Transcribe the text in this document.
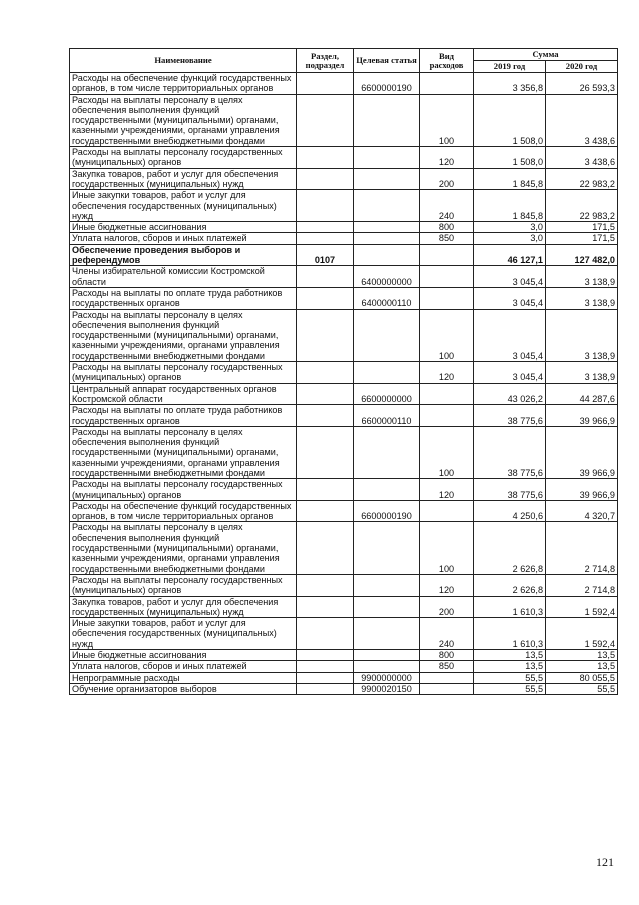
Наименование	Раздел, подраздел	Целевая статья	Вид расходов	Сумма	
				2019 год	2020 год
Расходы на обеспечение функций государственных органов, в том числе территориальных органов		6600000190		3 356,8	26 593,3
Расходы на выплаты персоналу в целях обеспечения выполнения функций государственными (муниципальными) органами, казенными учреждениями, органами управления государственными внебюджетными фондами			100	1 508,0	3 438,6
Расходы на выплаты персоналу государственных (муниципальных) органов			120	1 508,0	3 438,6
Закупка товаров, работ и услуг для обеспечения государственных (муниципальных) нужд			200	1 845,8	22 983,2
Иные закупки товаров, работ и услуг для обеспечения государственных (муниципальных) нужд			240	1 845,8	22 983,2
Иные бюджетные ассигнования			800	3,0	171,5
Уплата налогов, сборов и иных платежей			850	3,0	171,5
Обеспечение проведения выборов и референдумов	0107			46 127,1	127 482,0
Члены избирательной комиссии Костромской области		6400000000		3 045,4	3 138,9
Расходы на выплаты по оплате труда работников государственных органов		6400000110		3 045,4	3 138,9
Расходы на выплаты персоналу в целях обеспечения выполнения функций государственными (муниципальными) органами, казенными учреждениями, органами управления государственными внебюджетными фондами			100	3 045,4	3 138,9
Расходы на выплаты персоналу государственных (муниципальных) органов			120	3 045,4	3 138,9
Центральный аппарат государственных органов Костромской области		6600000000		43 026,2	44 287,6
Расходы на выплаты по оплате труда работников государственных органов		6600000110		38 775,6	39 966,9
Расходы на выплаты персоналу в целях обеспечения выполнения функций государственными (муниципальными) органами, казенными учреждениями, органами управления государственными внебюджетными фондами			100	38 775,6	39 966,9
Расходы на выплаты персоналу государственных (муниципальных) органов			120	38 775,6	39 966,9
Расходы на обеспечение функций государственных органов, в том числе территориальных органов		6600000190		4 250,6	4 320,7
Расходы на выплаты персоналу в целях обеспечения выполнения функций государственными (муниципальными) органами, казенными учреждениями, органами управления государственными внебюджетными фондами			100	2 626,8	2 714,8
Расходы на выплаты персоналу государственных (муниципальных) органов			120	2 626,8	2 714,8
Закупка товаров, работ и услуг для обеспечения государственных (муниципальных) нужд			200	1 610,3	1 592,4
Иные закупки товаров, работ и услуг для обеспечения государственных (муниципальных) нужд			240	1 610,3	1 592,4
Иные бюджетные ассигнования			800	13,5	13,5
Уплата налогов, сборов и иных платежей			850	13,5	13,5
Непрограммные расходы		9900000000		55,5	80 055,5
Обучение организаторов выборов		9900020150		55,5	55,5
121
